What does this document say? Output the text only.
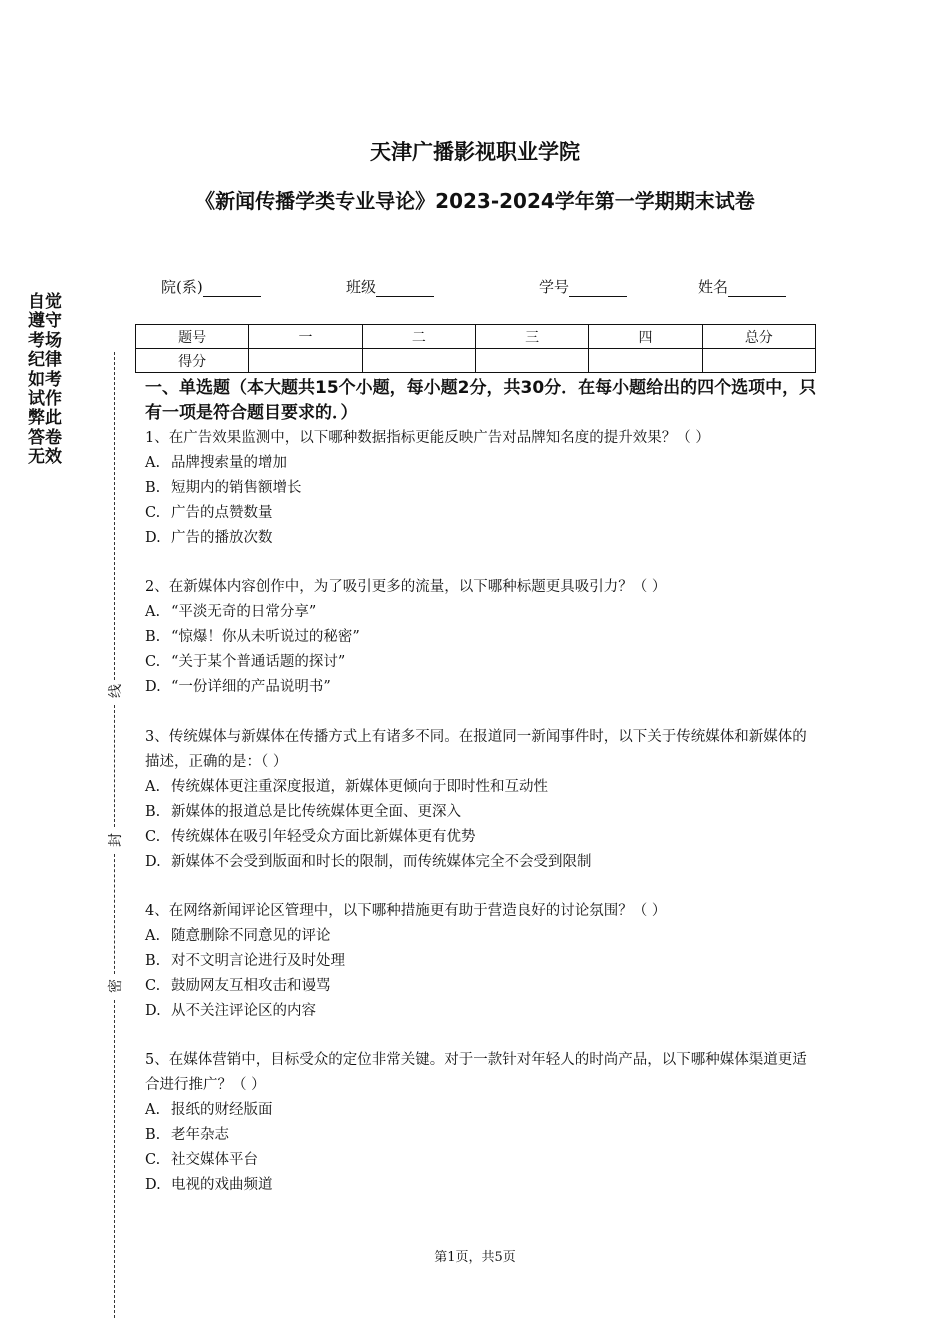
天津广播影视职业学院
《新闻传播学类专业导论》2023-2024学年第一学期期末试卷
院(系)	班级	学号	姓名
题号	一	二	三	四	总分
得分					
自觉遵守考场纪律如考试作弊此答卷无效
线
封
密
一、单选题（本大题共15个小题，每小题2分，共30分．在每小题给出的四个选项中，只有一项是符合题目要求的．）
1、在广告效果监测中，以下哪种数据指标更能反映广告对品牌知名度的提升效果？（ ）
A. 品牌搜索量的增加
B. 短期内的销售额增长
C. 广告的点赞数量
D. 广告的播放次数
2、在新媒体内容创作中，为了吸引更多的流量，以下哪种标题更具吸引力？（ ）
A. “平淡无奇的日常分享”
B. “惊爆！你从未听说过的秘密”
C. “关于某个普通话题的探讨”
D. “一份详细的产品说明书”
3、传统媒体与新媒体在传播方式上有诸多不同。在报道同一新闻事件时，以下关于传统媒体和新媒体的描述，正确的是：（ ）
A. 传统媒体更注重深度报道，新媒体更倾向于即时性和互动性
B. 新媒体的报道总是比传统媒体更全面、更深入
C. 传统媒体在吸引年轻受众方面比新媒体更有优势
D. 新媒体不会受到版面和时长的限制，而传统媒体完全不会受到限制
4、在网络新闻评论区管理中，以下哪种措施更有助于营造良好的讨论氛围？（ ）
A. 随意删除不同意见的评论
B. 对不文明言论进行及时处理
C. 鼓励网友互相攻击和谩骂
D. 从不关注评论区的内容
5、在媒体营销中，目标受众的定位非常关键。对于一款针对年轻人的时尚产品，以下哪种媒体渠道更适合进行推广？（ ）
A. 报纸的财经版面
B. 老年杂志
C. 社交媒体平台
D. 电视的戏曲频道
第1页，共5页
